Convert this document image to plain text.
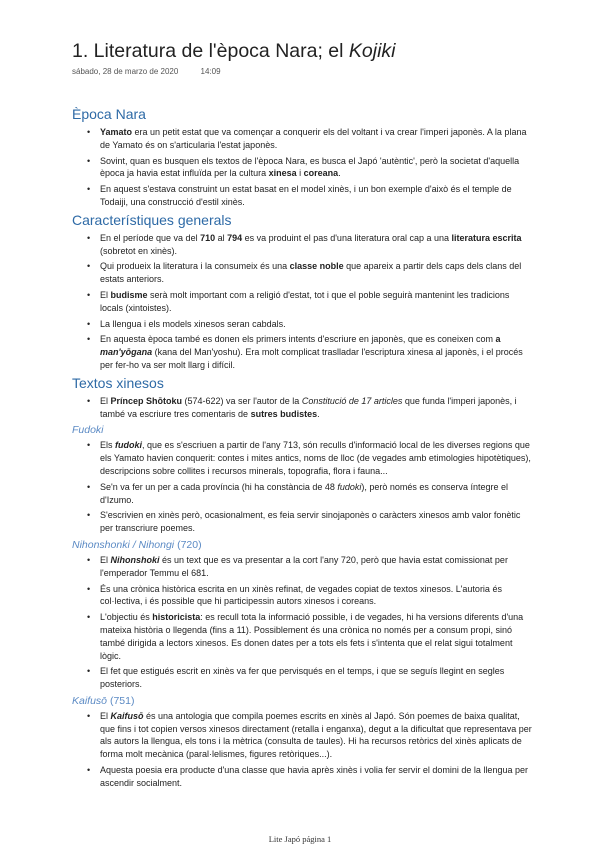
1. Literatura de l'època Nara; el Kojiki
sábado, 28 de marzo de 2020	14:09
Època Nara
• Yamato era un petit estat que va començar a conquerir els del voltant i va crear l'imperi japonès. A la plana de Yamato és on s'articularia l'estat japonès.
• Sovint, quan es busquen els textos de l'època Nara, es busca el Japó 'autèntic', però la societat d'aquella època ja havia estat influïda per la cultura xinesa i coreana.
• En aquest s'estava construint un estat basat en el model xinès, i un bon exemple d'això és el temple de Todaiji, una construcció d'estil xinès.
Característiques generals
• En el període que va del 710 al 794 es va produint el pas d'una literatura oral cap a una literatura escrita (sobretot en xinès).
• Qui produeix la literatura i la consumeix és una classe noble que apareix a partir dels caps dels clans del estats anteriors.
• El budisme serà molt important com a religió d'estat, tot i que el poble seguirà mantenint les tradicions locals (xintoistes).
• La llengua i els models xinesos seran cabdals.
• En aquesta època també es donen els primers intents d'escriure en japonès, que es coneixen com a man'yōgana (kana del Man'yoshu). Era molt complicat traslladar l'escriptura xinesa al japonès, i el procés per fer-ho va ser molt llarg i difícil.
Textos xinesos
• El Príncep Shōtoku (574-622) va ser l'autor de la Constitució de 17 articles que funda l'imperi japonès, i també va escriure tres comentaris de sutres budistes.
Fudoki
• Els fudoki, que es s'escriuen a partir de l'any 713, són reculls d'informació local de les diverses regions que els Yamato havien conquerit: contes i mites antics, noms de lloc (de vegades amb etimologies hipotètiques), descripcions sobre collites i recursos minerals, topografia, flora i fauna...
• Se'n va fer un per a cada província (hi ha constància de 48 fudoki), però només es conserva íntegre el d'Izumo.
• S'escrivien en xinès però, ocasionalment, es feia servir sinojaponès o caràcters xinesos amb valor fonètic per transcriure poemes.
Nihonshonki / Nihongi (720)
• El Nihonshoki és un text que es va presentar a la cort l'any 720, però que havia estat comissionat per l'emperador Temmu el 681.
• És una crònica històrica escrita en un xinès refinat, de vegades copiat de textos xinesos. L'autoria és col·lectiva, i és possible que hi participessin autors xinesos i coreans.
• L'objectiu és historicista: es recull tota la informació possible, i de vegades, hi ha versions diferents d'una mateixa història o llegenda (fins a 11). Possiblement és una crònica no només per a consum propi, sinó també dirigida a lectors xinesos. Es donen dates per a tots els fets i s'intenta que el relat sigui totalment lògic.
• El fet que estigués escrit en xinès va fer que pervisqués en el temps, i que se seguís llegint en segles posteriors.
Kaifusō (751)
• El Kaifusō és una antologia que compila poemes escrits en xinès al Japó. Són poemes de baixa qualitat, que fins i tot copien versos xinesos directament (retalla i enganxa), degut a la dificultat que representava per als autors la llengua, els tons i la mètrica (consulta de taules). Hi ha recursos retòrics del xinès aplicats de forma molt mecànica (paral·lelismes, figures retòriques...).
• Aquesta poesia era producte d'una classe que havia après xinès i volia fer servir el domini de la llengua per ascendir socialment.
Lite Japó página 1
